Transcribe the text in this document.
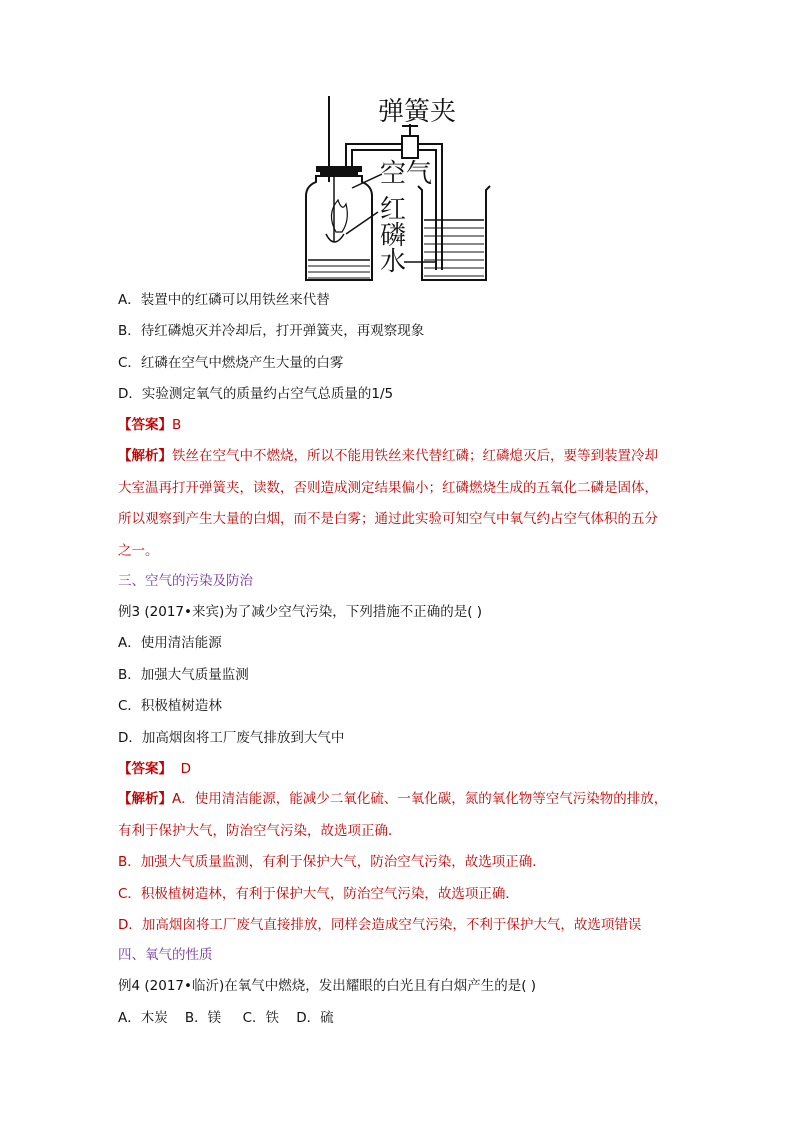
弹簧夹
空气
红
磷
水
A．装置中的红磷可以用铁丝来代替
B．待红磷熄灭并冷却后，打开弹簧夹，再观察现象
C．红磷在空气中燃烧产生大量的白雾
D．实验测定氧气的质量约占空气总质量的1/5
【答案】B
【解析】铁丝在空气中不燃烧，所以不能用铁丝来代替红磷；红磷熄灭后，要等到装置冷却
大室温再打开弹簧夹，读数，否则造成测定结果偏小；红磷燃烧生成的五氧化二磷是固体，
所以观察到产生大量的白烟，而不是白雾；通过此实验可知空气中氧气约占空气体积的五分
之一。
三、空气的污染及防治
例3 (2017•来宾)为了减少空气污染，下列措施不正确的是( )
A．使用清洁能源
B．加强大气质量监测
C．积极植树造林
D．加高烟囱将工厂废气排放到大气中
【答案】  D
【解析】A．使用清洁能源，能减少二氧化硫、一氧化碳，氮的氧化物等空气污染物的排放，
有利于保护大气，防治空气污染，故选项正确．
B．加强大气质量监测，有利于保护大气，防治空气污染，故选项正确．
C．积极植树造林，有利于保护大气，防治空气污染，故选项正确．
D．加高烟囱将工厂废气直接排放，同样会造成空气污染，不利于保护大气，故选项错误
四、氧气的性质
例4 (2017•临沂)在氧气中燃烧，发出耀眼的白光且有白烟产生的是( )
A．木炭    B．镁     C．铁    D．硫
